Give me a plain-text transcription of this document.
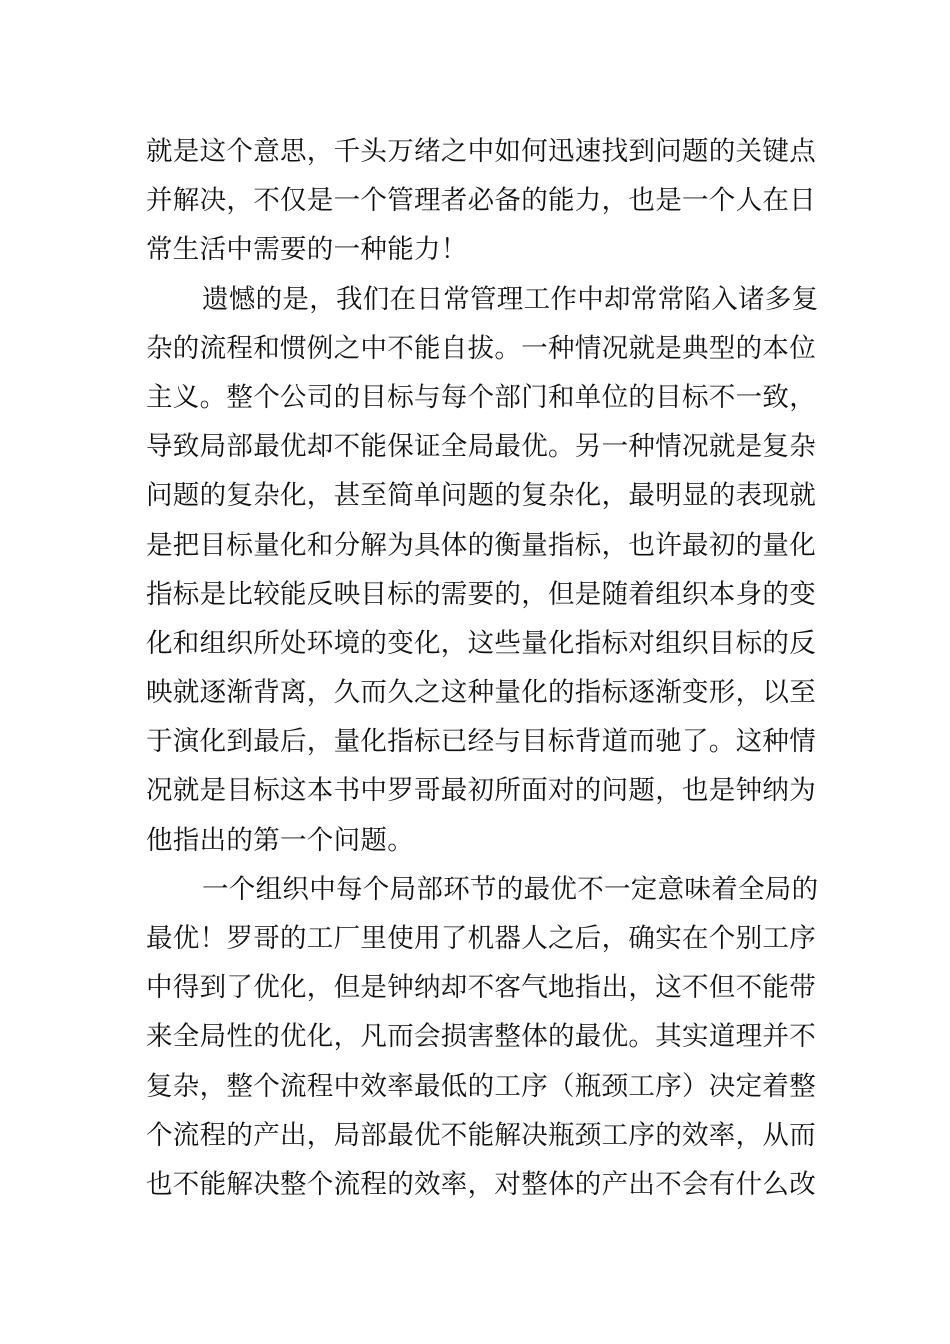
就是这个意思，千头万绪之中如何迅速找到问题的关键点
并解决，不仅是一个管理者必备的能力，也是一个人在日
常生活中需要的一种能力！
遗憾的是，我们在日常管理工作中却常常陷入诸多复
杂的流程和惯例之中不能自拔。一种情况就是典型的本位
主义。整个公司的目标与每个部门和单位的目标不一致，
导致局部最优却不能保证全局最优。另一种情况就是复杂
问题的复杂化，甚至简单问题的复杂化，最明显的表现就
是把目标量化和分解为具体的衡量指标，也许最初的量化
指标是比较能反映目标的需要的，但是随着组织本身的变
化和组织所处环境的变化，这些量化指标对组织目标的反
映就逐渐背离，久而久之这种量化的指标逐渐变形，以至
于演化到最后，量化指标已经与目标背道而驰了。这种情
况就是目标这本书中罗哥最初所面对的问题，也是钟纳为
他指出的第一个问题。
一个组织中每个局部环节的最优不一定意味着全局的
最优！罗哥的工厂里使用了机器人之后，确实在个别工序
中得到了优化，但是钟纳却不客气地指出，这不但不能带
来全局性的优化，凡而会损害整体的最优。其实道理并不
复杂，整个流程中效率最低的工序（瓶颈工序）决定着整
个流程的产出，局部最优不能解决瓶颈工序的效率，从而
也不能解决整个流程的效率，对整体的产出不会有什么改
